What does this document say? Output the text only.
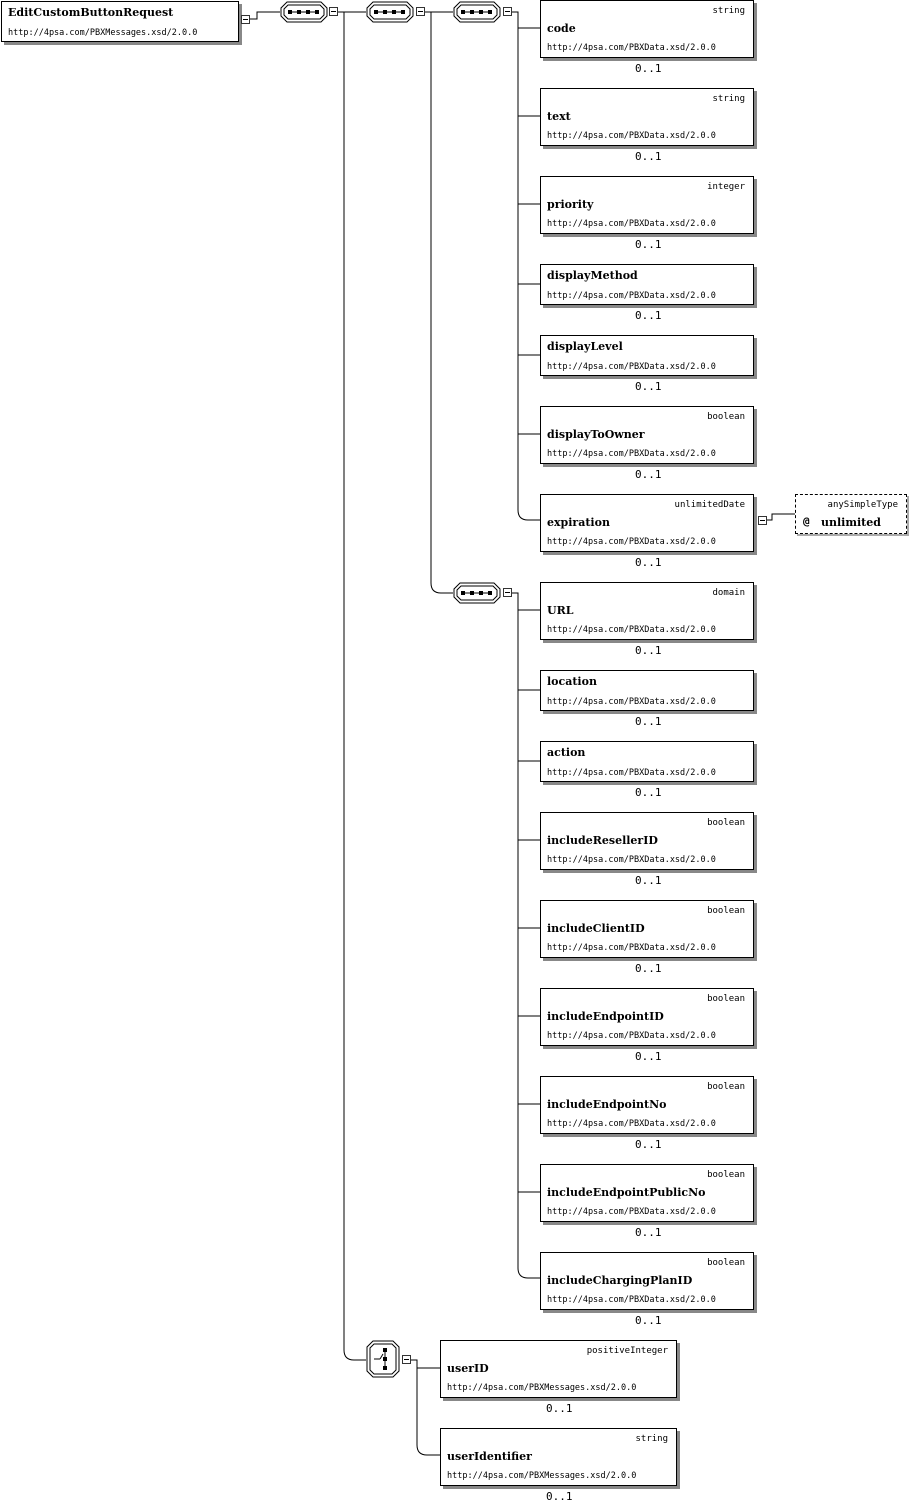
EditCustomButtonRequest
http://4psa.com/PBXMessages.xsd/2.0.0
string
code
http://4psa.com/PBXData.xsd/2.0.0
0..1
string
text
http://4psa.com/PBXData.xsd/2.0.0
0..1
integer
priority
http://4psa.com/PBXData.xsd/2.0.0
0..1
displayMethod
http://4psa.com/PBXData.xsd/2.0.0
0..1
displayLevel
http://4psa.com/PBXData.xsd/2.0.0
0..1
boolean
displayToOwner
http://4psa.com/PBXData.xsd/2.0.0
0..1
unlimitedDate
expiration
http://4psa.com/PBXData.xsd/2.0.0
0..1
anySimpleType
@ unlimited
domain
URL
http://4psa.com/PBXData.xsd/2.0.0
0..1
location
http://4psa.com/PBXData.xsd/2.0.0
0..1
action
http://4psa.com/PBXData.xsd/2.0.0
0..1
boolean
includeResellerID
http://4psa.com/PBXData.xsd/2.0.0
0..1
boolean
includeClientID
http://4psa.com/PBXData.xsd/2.0.0
0..1
boolean
includeEndpointID
http://4psa.com/PBXData.xsd/2.0.0
0..1
boolean
includeEndpointNo
http://4psa.com/PBXData.xsd/2.0.0
0..1
boolean
includeEndpointPublicNo
http://4psa.com/PBXData.xsd/2.0.0
0..1
boolean
includeChargingPlanID
http://4psa.com/PBXData.xsd/2.0.0
0..1
positiveInteger
userID
http://4psa.com/PBXMessages.xsd/2.0.0
0..1
string
userIdentifier
http://4psa.com/PBXMessages.xsd/2.0.0
0..1
